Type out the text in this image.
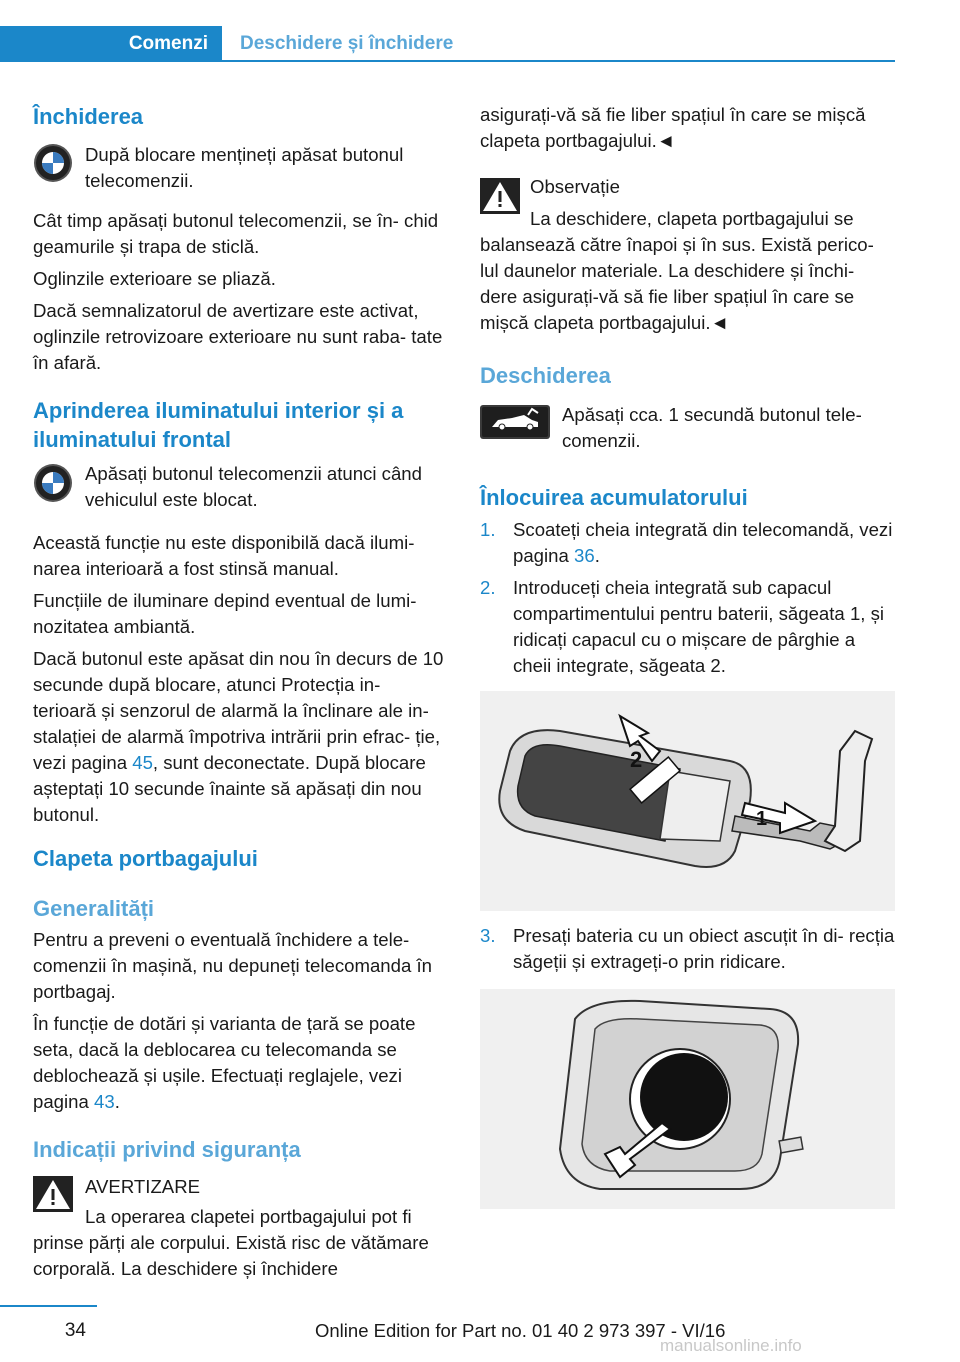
Comenzi	Deschidere și închidere
Închiderea

După blocare mențineți apăsat butonul telecomenzii.

Cât timp apăsați butonul telecomenzii, se în‐ chid geamurile și trapa de sticlă.

Oglinzile exterioare se pliază.

Dacă semnalizatorul de avertizare este activat, oglinzile retrovizoare exterioare nu sunt raba‐ tate în afară.

Aprinderea iluminatului interior și a iluminatului frontal

Apăsați butonul telecomenzii atunci când vehiculul este blocat.

Această funcție nu este disponibilă dacă ilumi‐ narea interioară a fost stinsă manual.

Funcțiile de iluminare depind eventual de lumi‐ nozitatea ambiantă.

Dacă butonul este apăsat din nou în decurs de 10 secunde după blocare, atunci Protecția in‐ terioară și senzorul de alarmă la înclinare ale in‐ stalației de alarmă împotriva intrării prin efrac‐ ție, vezi pagina 45, sunt deconectate. După blocare așteptați 10 secunde înainte să apăsați din nou butonul.

Clapeta portbagajului
Generalități

Pentru a preveni o eventuală închidere a tele‐ comenzii în mașină, nu depuneți telecomanda în portbagaj.

În funcție de dotări și varianta de țară se poate seta, dacă la deblocarea cu telecomanda se deblochează și ușile. Efectuați reglajele, vezi pagina 43.

Indicații privind siguranța

AVERTIZARE

La operarea clapetei portbagajului pot fi prinse părți ale corpului. Există risc de vătămare corporală. La deschidere și închidere

asigurați-vă să fie liber spațiul în care se mișcă clapeta portbagajului.◄

Observație

La deschidere, clapeta portbagajului se balansează către înapoi și în sus. Există perico‐ lul daunelor materiale. La deschidere și închi‐ dere asigurați-vă să fie liber spațiul în care se mișcă clapeta portbagajului.◄

Deschiderea

Apăsați cca. 1 secundă butonul tele‐ comenzii.

Înlocuirea acumulatorului
1. Scoateți cheia integrată din telecomandă, vezi pagina 36.

2. Introduceți cheia integrată sub capacul compartimentului pentru baterii, săgeata 1, și ridicați capacul cu o mișcare de pârghie a cheii integrate, săgeata 2.

2
1
3. Presați bateria cu un obiect ascuțit în di‐ recția săgeții și extrageți-o prin ridicare.

34	Online Edition for Part no. 01 40 2 973 397 - VI/16
manualsonline.info
